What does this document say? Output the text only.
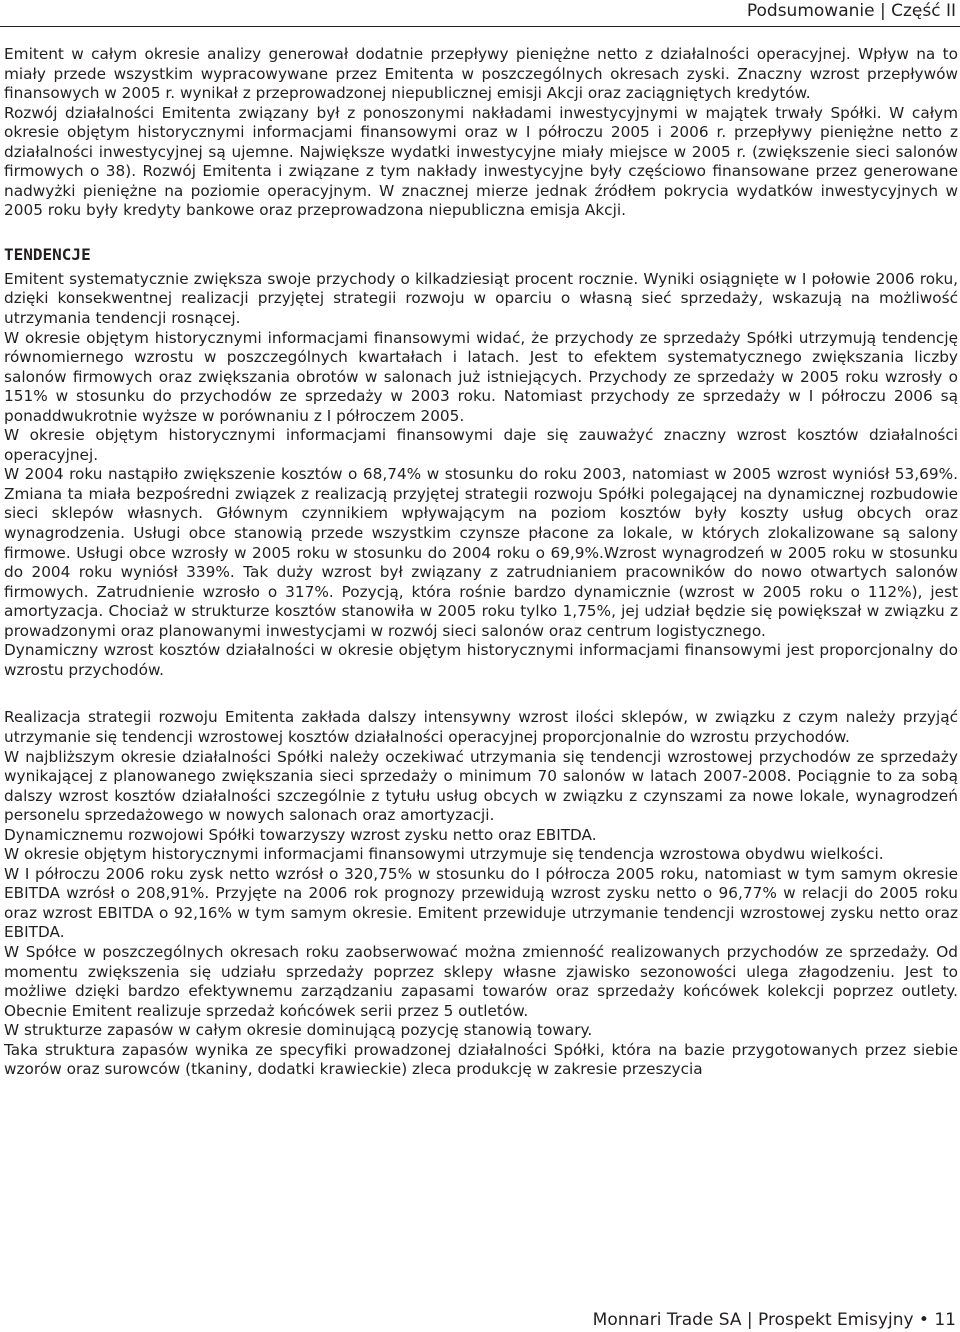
Podsumowanie | Część II

Emitent w całym okresie analizy generował dodatnie przepływy pieniężne netto z działalności operacyjnej. Wpływ na to miały przede wszystkim wypracowywane przez Emitenta w poszczególnych okresach zyski. Znaczny wzrost przepływów finansowych w 2005 r. wynikał z przeprowadzonej niepublicznej emisji Akcji oraz zaciągniętych kredytów.

Rozwój działalności Emitenta związany był z ponoszonymi nakładami inwestycyjnymi w majątek trwały Spółki. W całym okresie objętym historycznymi informacjami finansowymi oraz w I półroczu 2005 i 2006 r. przepływy pieniężne netto z działalności inwestycyjnej są ujemne. Największe wydatki inwestycyjne miały miejsce w 2005 r. (zwiększenie sieci salonów firmowych o 38). Rozwój Emitenta i związane z tym nakłady inwestycyjne były częściowo finansowane przez generowane nadwyżki pieniężne na poziomie operacyjnym. W znacznej mierze jednak źródłem pokrycia wydatków inwestycyjnych w 2005 roku były kredyty bankowe oraz przeprowadzona niepubliczna emisja Akcji.

TENDENCJE

Emitent systematycznie zwiększa swoje przychody o kilkadziesiąt procent rocznie. Wyniki osiągnięte w I połowie 2006 roku, dzięki konsekwentnej realizacji przyjętej strategii rozwoju w oparciu o własną sieć sprzedaży, wskazują na możliwość utrzymania tendencji rosnącej.

W okresie objętym historycznymi informacjami finansowymi widać, że przychody ze sprzedaży Spółki utrzymują tendencję równomiernego wzrostu w poszczególnych kwartałach i latach. Jest to efektem systematycznego zwiększania liczby salonów firmowych oraz zwiększania obrotów w salonach już istniejących. Przychody ze sprzedaży w 2005 roku wzrosły o 151% w stosunku do przychodów ze sprzedaży w 2003 roku. Natomiast przychody ze sprzedaży w I półroczu 2006 są ponaddwukrotnie wyższe w porównaniu z I półroczem 2005.

W okresie objętym historycznymi informacjami finansowymi daje się zauważyć znaczny wzrost kosztów działalności operacyjnej.

W 2004 roku nastąpiło zwiększenie kosztów o 68,74% w stosunku do roku 2003, natomiast w 2005 wzrost wyniósł 53,69%. Zmiana ta miała bezpośredni związek z realizacją przyjętej strategii rozwoju Spółki polegającej na dynamicznej rozbudowie sieci sklepów własnych. Głównym czynnikiem wpływającym na poziom kosztów były koszty usług obcych oraz wynagrodzenia. Usługi obce stanowią przede wszystkim czynsze płacone za lokale, w których zlokalizowane są salony firmowe. Usługi obce wzrosły w 2005 roku w stosunku do 2004 roku o 69,9%.Wzrost wynagrodzeń w 2005 roku w stosunku do 2004 roku wyniósł 339%. Tak duży wzrost był związany z zatrudnianiem pracowników do nowo otwartych salonów firmowych. Zatrudnienie wzrosło o 317%. Pozycją, która rośnie bardzo dynamicznie (wzrost w 2005 roku o 112%), jest amortyzacja. Chociaż w strukturze kosztów stanowiła w 2005 roku tylko 1,75%, jej udział będzie się powiększał w związku z prowadzonymi oraz planowanymi inwestycjami w rozwój sieci salonów oraz centrum logistycznego.

Dynamiczny wzrost kosztów działalności w okresie objętym historycznymi informacjami finansowymi jest proporcjonalny do wzrostu przychodów.

Realizacja strategii rozwoju Emitenta zakłada dalszy intensywny wzrost ilości sklepów, w związku z czym należy przyjąć utrzymanie się tendencji wzrostowej kosztów działalności operacyjnej proporcjonalnie do wzrostu przychodów.

W najbliższym okresie działalności Spółki należy oczekiwać utrzymania się tendencji wzrostowej przychodów ze sprzedaży wynikającej z planowanego zwiększania sieci sprzedaży o minimum 70 salonów w latach 2007-2008. Pociągnie to za sobą dalszy wzrost kosztów działalności szczególnie z tytułu usług obcych w związku z czynszami za nowe lokale, wynagrodzeń personelu sprzedażowego w nowych salonach oraz amortyzacji.

Dynamicznemu rozwojowi Spółki towarzyszy wzrost zysku netto oraz EBITDA.

W okresie objętym historycznymi informacjami finansowymi utrzymuje się tendencja wzrostowa obydwu wielkości.

W I półroczu 2006 roku zysk netto wzrósł o 320,75% w stosunku do I półrocza 2005 roku, natomiast w tym samym okresie EBITDA wzrósł o 208,91%. Przyjęte na 2006 rok prognozy przewidują wzrost zysku netto o 96,77% w relacji do 2005 roku oraz wzrost EBITDA o 92,16% w tym samym okresie. Emitent przewiduje utrzymanie tendencji wzrostowej zysku netto oraz EBITDA.

W Spółce w poszczególnych okresach roku zaobserwować można zmienność realizowanych przychodów ze sprzedaży. Od momentu zwiększenia się udziału sprzedaży poprzez sklepy własne zjawisko sezonowości ulega złagodzeniu. Jest to możliwe dzięki bardzo efektywnemu zarządzaniu zapasami towarów oraz sprzedaży końcówek kolekcji poprzez outlety. Obecnie Emitent realizuje sprzedaż końcówek serii przez 5 outletów.

W strukturze zapasów w całym okresie dominującą pozycję stanowią towary.

Taka struktura zapasów wynika ze specyfiki prowadzonej działalności Spółki, która na bazie przygotowanych przez siebie wzorów oraz surowców (tkaniny, dodatki krawieckie) zleca produkcję w zakresie przeszycia

Monnari Trade SA | Prospekt Emisyjny • 11
